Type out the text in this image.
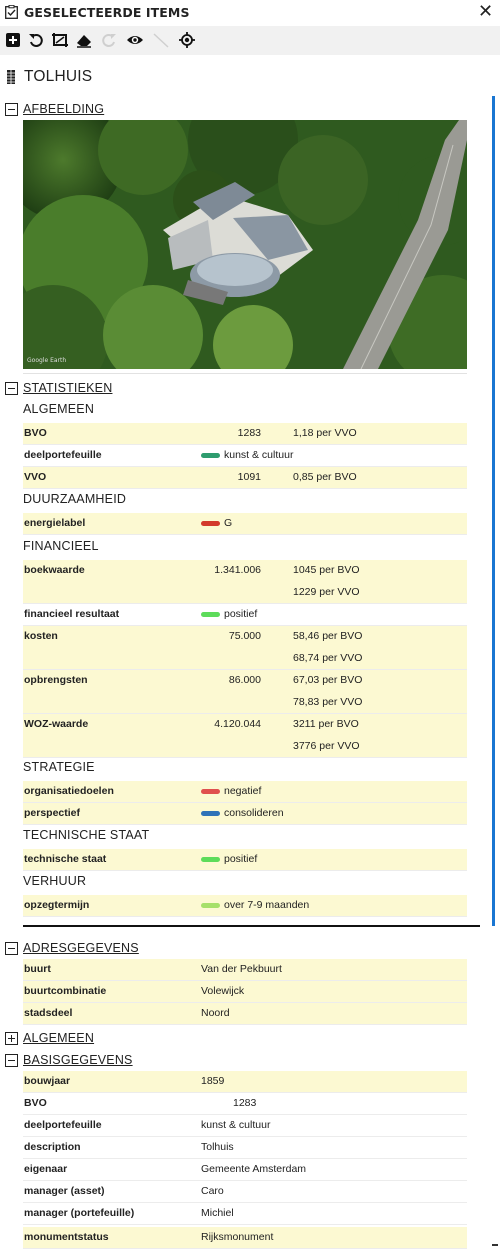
GESELECTEERDE ITEMS	✕
TOLHUIS
AFBEELDING
Google Earth
STATISTIEKEN
ALGEMEEN
BVO	1283	1,18 per VVO
deelportefeuille	kunst & cultuur
VVO	1091	0,85 per BVO
DUURZAAMHEID
energielabel	G
FINANCIEEL
boekwaarde	1.341.006	1045 per BVO
1229 per VVO
financieel resultaat	positief
kosten	75.000	58,46 per BVO
68,74 per VVO
opbrengsten	86.000	67,03 per BVO
78,83 per VVO
WOZ-waarde	4.120.044	3211 per BVO
3776 per VVO
STRATEGIE
organisatiedoelen	negatief
perspectief	consolideren
TECHNISCHE STAAT
technische staat	positief
VERHUUR
opzegtermijn	over 7-9 maanden
ADRESGEGEVENS
buurt	Van der Pekbuurt
buurtcombinatie	Volewijck
stadsdeel	Noord
ALGEMEEN
BASISGEGEVENS
bouwjaar	1859
BVO	1283
deelportefeuille	kunst & cultuur
description	Tolhuis
eigenaar	Gemeente Amsterdam
manager (asset)	Caro
manager (portefeuille)	Michiel
monumentstatus	Rijksmonument
